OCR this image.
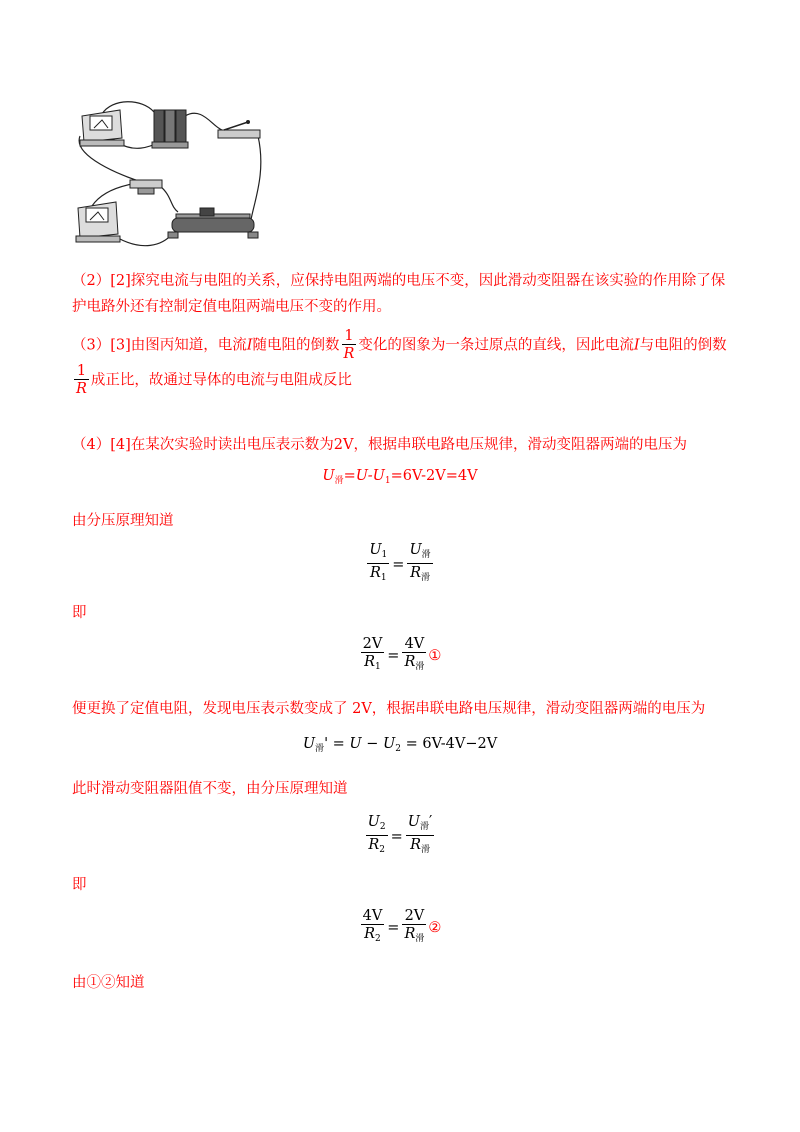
（2）[2]探究电流与电阻的关系，应保持电阻两端的电压不变，因此滑动变阻器在该实验的作用除了保护电路外还有控制定值电阻两端电压不变的作用。
（3）[3]由图丙知道，电流I随电阻的倒数 $\frac{1}{R}$ 变化的图象为一条过原点的直线，因此电流I与电阻的倒数

$\frac{1}{R}$ 成正比，故通过导体的电流与电阻成反比
（4）[4]在某次实验时读出电压表示数为2V，根据串联电路电压规律，滑动变阻器两端的电压为
$U_滑=U-U_1=6V-2V=4V$
由分压原理知道
$\frac{U_1}{R_1} = \frac{U_滑}{R_滑}$
即
$\frac{2V}{R_1} = \frac{4V}{R_滑}$ ①
便更换了定值电阻，发现电压表示数变成了 2V，根据串联电路电压规律，滑动变阻器两端的电压为
$U_滑' = U - U_2 = 6V-4V-2V$
此时滑动变阻器阻值不变，由分压原理知道
$\frac{U_2}{R_2} = \frac{U_滑'}{R_滑}$
即
$\frac{4V}{R_2} = \frac{2V}{R_滑}$ ②
由①②知道
